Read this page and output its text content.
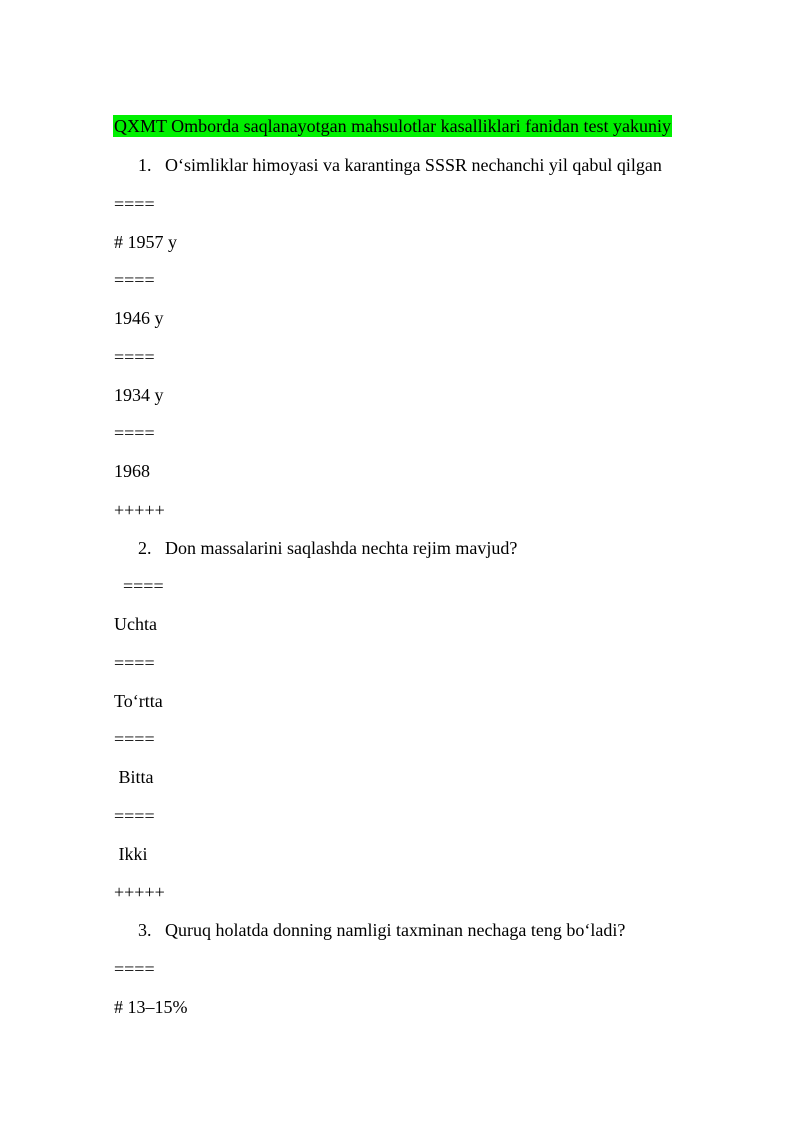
QXMT Omborda saqlanayotgan mahsulotlar kasalliklari fanidan test yakuniy
1. O‘simliklar himoyasi va karantinga SSSR nechanchi yil qabul qilgan
====
# 1957 y
====
1946 y
====
1934 y
====
1968
+++++
2. Don massalarini saqlashda nechta rejim mavjud?
====
Uchta
====
To‘rtta
====
Bitta
====
Ikki
+++++
3. Quruq holatda donning namligi taxminan nechaga teng bo‘ladi?
====
# 13–15%
